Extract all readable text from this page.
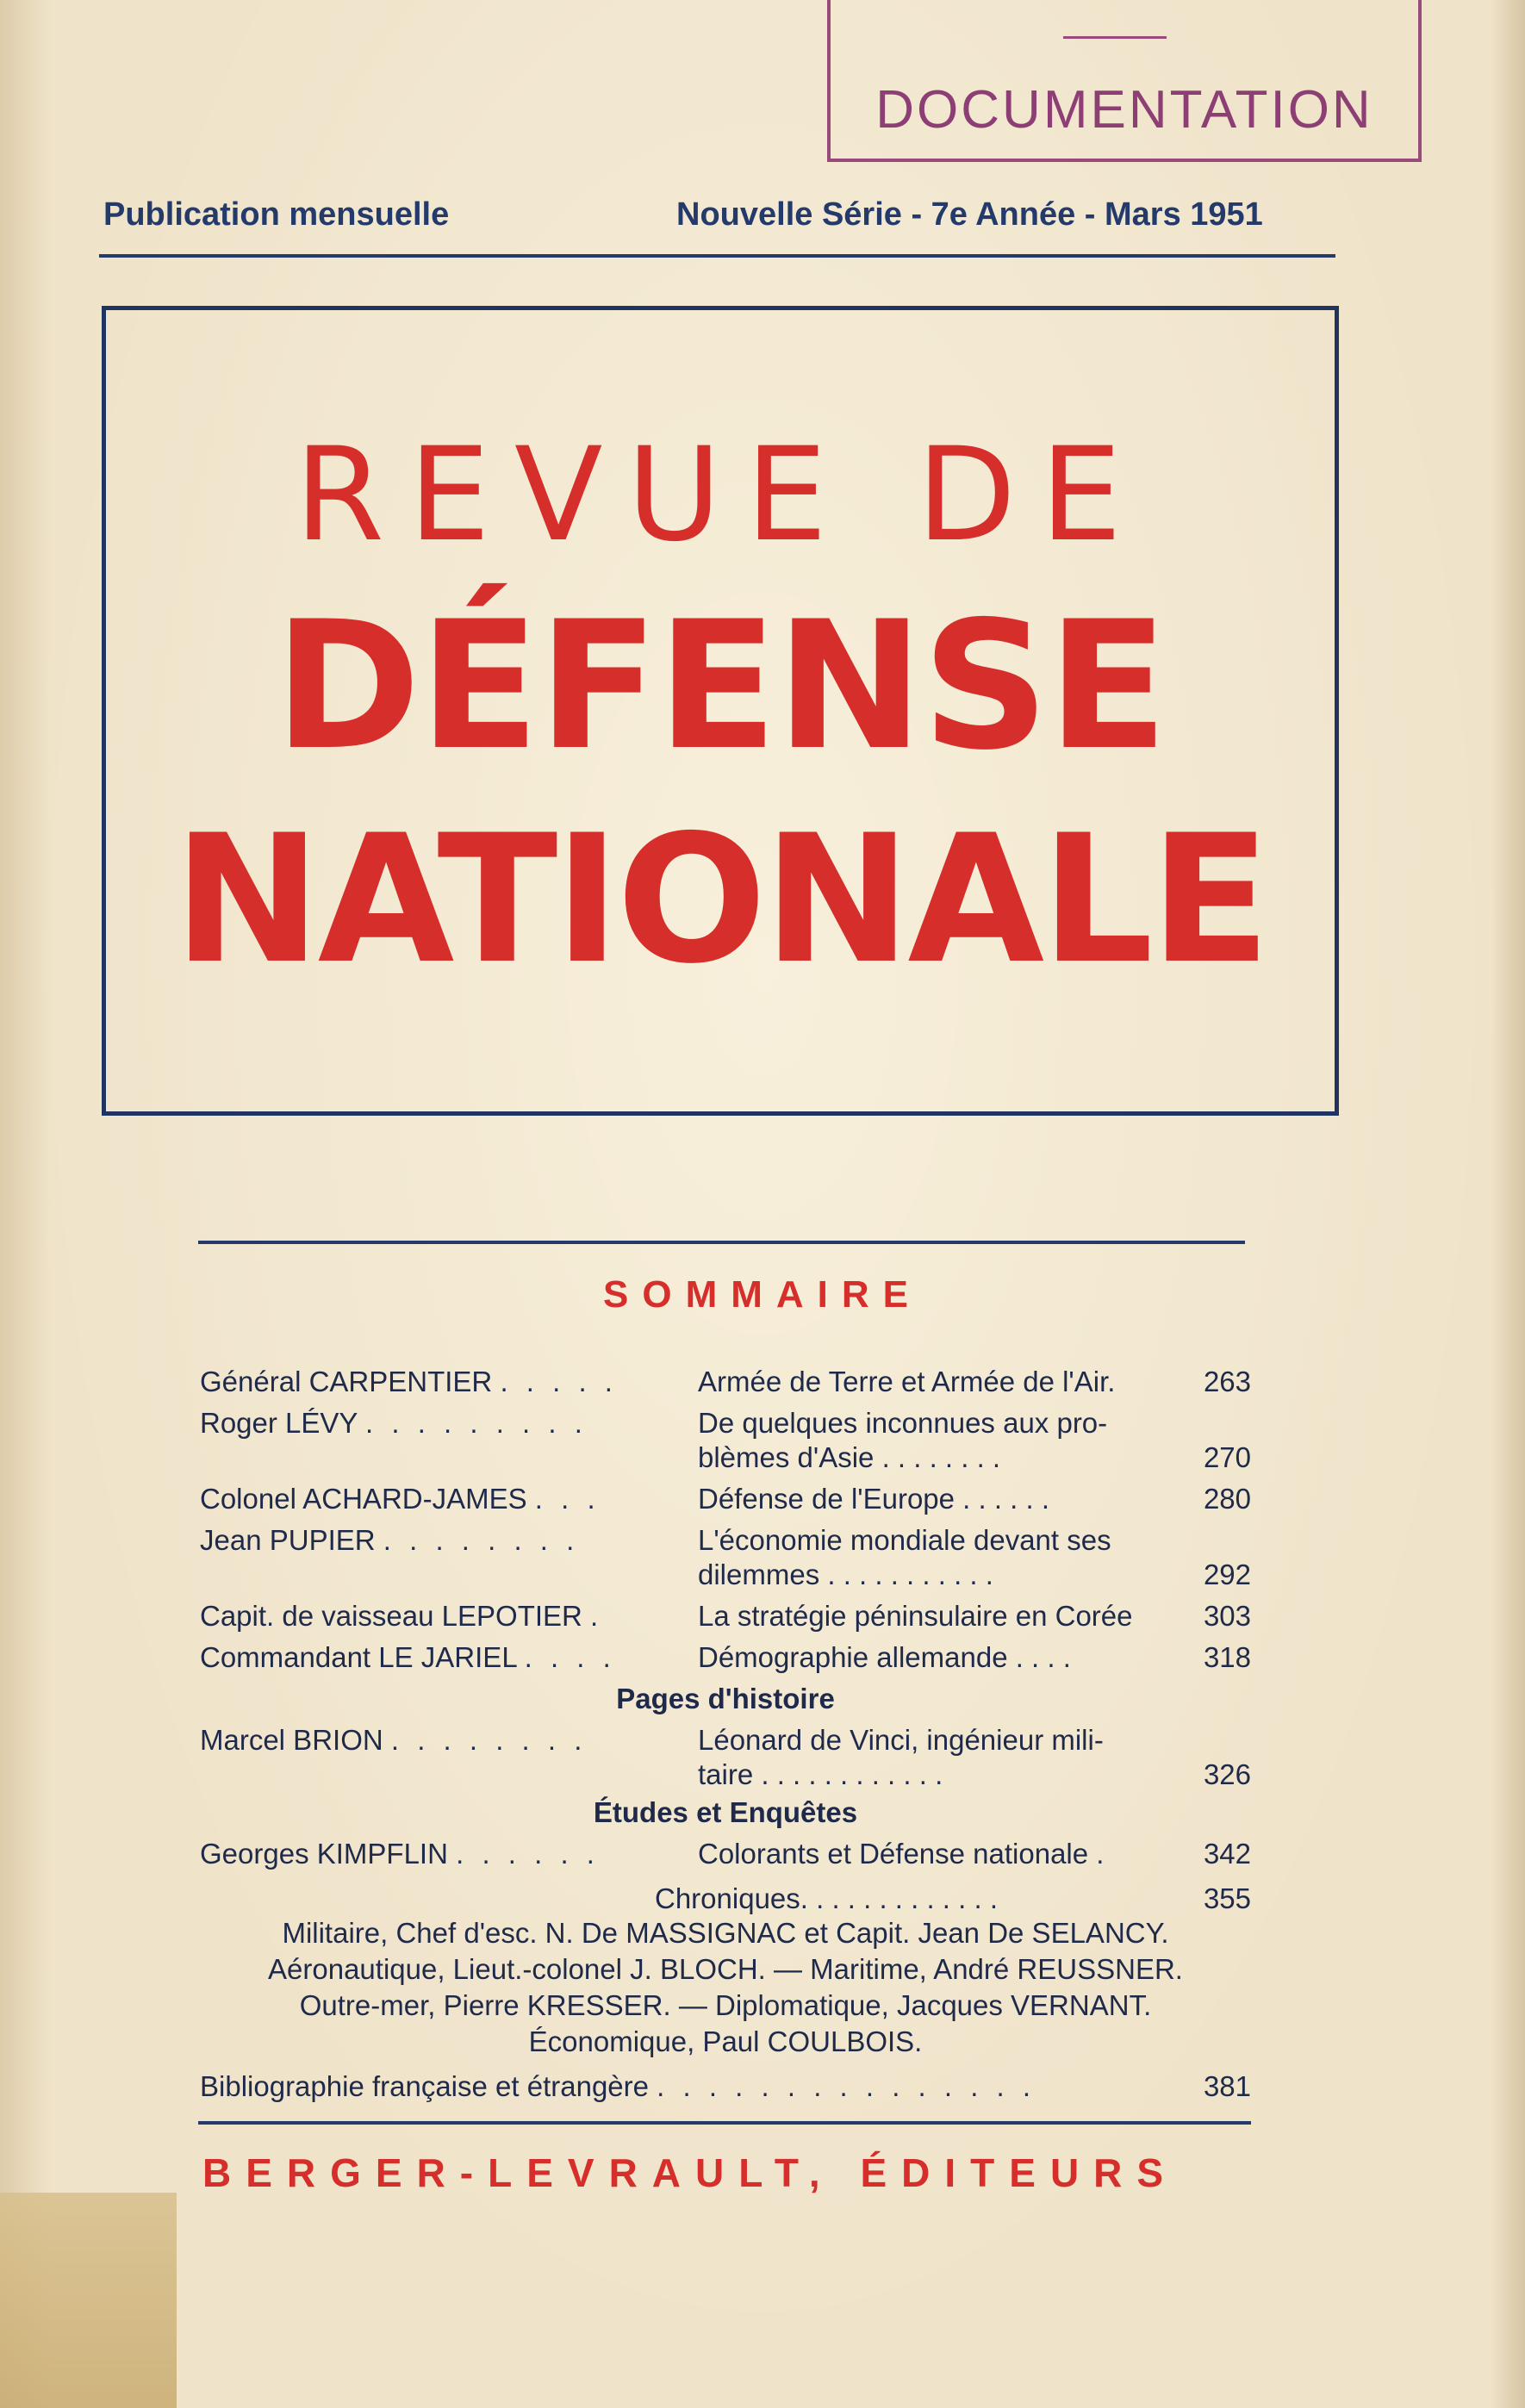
DOCUMENTATION
Publication mensuelle	Nouvelle Série - 7e Année - Mars 1951
REVUE DE
DÉFENSE
NATIONALE
SOMMAIRE
Général CARPENTIER . . . . .	Armée de Terre et Armée de l'Air.	263
Roger LÉVY . . . . . . . . .	De quelques inconnues aux pro-
blèmes d'Asie . . . . . . . .	270
Colonel ACHARD-JAMES . . .	Défense de l'Europe . . . . . .	280
Jean PUPIER . . . . . . . .	L'économie mondiale devant ses
dilemmes . . . . . . . . . . .	292
Capit. de vaisseau LEPOTIER .	La stratégie péninsulaire en Corée	303
Commandant LE JARIEL . . . .	Démographie allemande . . . .	318
Pages d'histoire
Marcel BRION . . . . . . . .	Léonard de Vinci, ingénieur mili-
taire . . . . . . . . . . . .	326
Études et Enquêtes
Georges KIMPFLIN . . . . . .	Colorants et Défense nationale .	342
Chroniques. . . . . . . . . . . . .	355
Militaire, Chef d'esc. N. De MASSIGNAC et Capit. Jean De SELANCY.
Aéronautique, Lieut.-colonel J. BLOCH. — Maritime, André REUSSNER.
Outre-mer, Pierre KRESSER. — Diplomatique, Jacques VERNANT.
Économique, Paul COULBOIS.
Bibliographie française et étrangère . . . . . . . . . . . . . . .	381
BERGER-LEVRAULT, ÉDITEURS
